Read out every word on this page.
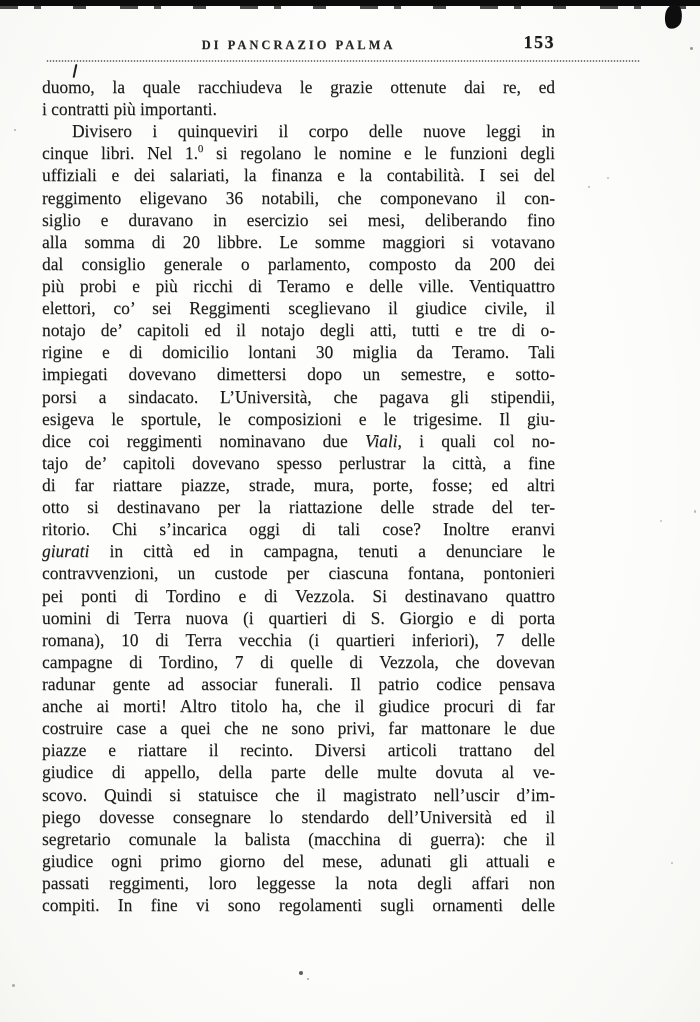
DI PANCRAZIO PALMA	153
duomo, la quale racchiudeva le grazie ottenute dai re, ed
i contratti più importanti.
Divisero i quinqueviri il corpo delle nuove leggi in
cinque libri. Nel 1.$^0$ si regolano le nomine e le funzioni degli
uffiziali e dei salariati, la finanza e la contabilità. I sei del
reggimento eligevano 36 notabili, che componevano il con-
siglio e duravano in esercizio sei mesi, deliberando fino
alla somma di 20 libbre. Le somme maggiori si votavano
dal consiglio generale o parlamento, composto da 200 dei
più probi e più ricchi di Teramo e delle ville. Ventiquattro
elettori, co’ sei Reggimenti sceglievano il giudice civile, il
notajo de’ capitoli ed il notajo degli atti, tutti e tre di o-
rigine e di domicilio lontani 30 miglia da Teramo. Tali
impiegati dovevano dimettersi dopo un semestre, e sotto-
porsi a sindacato. L’Università, che pagava gli stipendii,
esigeva le sportule, le composizioni e le trigesime. Il giu-
dice coi reggimenti nominavano due Viali, i quali col no-
tajo de’ capitoli dovevano spesso perlustrar la città, a fine
di far riattare piazze, strade, mura, porte, fosse; ed altri
otto si destinavano per la riattazione delle strade del ter-
ritorio. Chi s’incarica oggi di tali cose? Inoltre eranvi
giurati in città ed in campagna, tenuti a denunciare le
contravvenzioni, un custode per ciascuna fontana, pontonieri
pei ponti di Tordino e di Vezzola. Si destinavano quattro
uomini di Terra nuova (i quartieri di S. Giorgio e di porta
romana), 10 di Terra vecchia (i quartieri inferiori), 7 delle
campagne di Tordino, 7 di quelle di Vezzola, che dovevan
radunar gente ad associar funerali. Il patrio codice pensava
anche ai morti! Altro titolo ha, che il giudice procuri di far
costruire case a quei che ne sono privi, far mattonare le due
piazze e riattare il recinto. Diversi articoli trattano del
giudice di appello, della parte delle multe dovuta al ve-
scovo. Quindi si statuisce che il magistrato nell’uscir d’im-
piego dovesse consegnare lo stendardo dell’Università ed il
segretario comunale la balista (macchina di guerra): che il
giudice ogni primo giorno del mese, adunati gli attuali e
passati reggimenti, loro leggesse la nota degli affari non
compiti. In fine vi sono regolamenti sugli ornamenti delle
